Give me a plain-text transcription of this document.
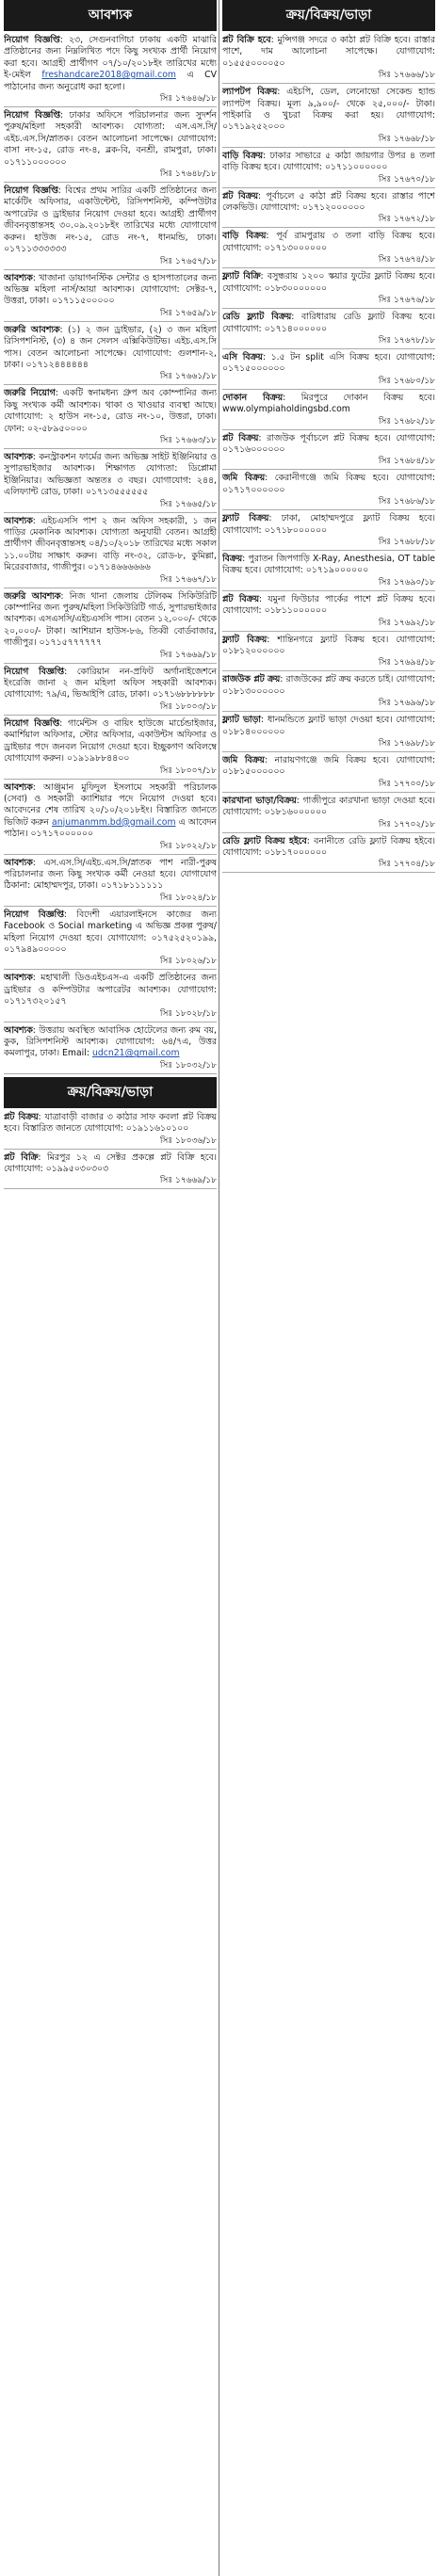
আবশ্যক
নিয়োগ বিজ্ঞপ্তি: ২৩, সেগুনবাগিচা ঢাকায় একটি মাঝারি প্রতিষ্ঠানের জন্য নিম্নলিখিত পদে কিছু সংখ্যক প্রার্থী নিয়োগ করা হবে। আগ্রহী প্রার্থীগণ ০৭/১০/২০১৮ইং তারিখের মধ্যে ই-মেইল freshandcare2018@gmail.com এ CV পাঠানোর জন্য অনুরোধ করা হলো।
সিঃ ১৭৬৪৬/১৮
নিয়োগ বিজ্ঞপ্তি: ঢাকার অফিসে পরিচালনার জন্য সুদর্শন পুরুষ/মহিলা সহকারী আবশ্যক। যোগ্যতা: এস.এস.সি/এইচ.এস.সি/স্নাতক। বেতন আলোচনা সাপেক্ষে। যোগাযোগ: বাসা নং-১৫, রোড নং-৪, ব্লক-বি, বনশ্রী, রামপুরা, ঢাকা। ০১৭১১০০০০০০
সিঃ ১৭৬৪৮/১৮
নিয়োগ বিজ্ঞপ্তি: বিশ্বের প্রথম সারির একটি প্রতিষ্ঠানের জন্য মার্কেটিং অফিসার, একাউন্টেন্ট, রিসিপশনিস্ট, কম্পিউটার অপারেটর ও ড্রাইভার নিয়োগ দেওয়া হবে। আগ্রহী প্রার্থীগণ জীবনবৃত্তান্তসহ ৩০.০৯.২০১৮ইং তারিখের মধ্যে যোগাযোগ করুন। হাউজ নং-১৫, রোড নং-৭, ধানমন্ডি, ঢাকা। ০১৭১১৩৩৩৩৩৩
সিঃ ১৭৬৫৭/১৮
আবশ্যক: খাজানা ডায়াগনস্টিক সেন্টার ও হাসপাতালের জন্য অভিজ্ঞ মহিলা নার্স/আয়া আবশ্যক। যোগাযোগ: সেক্টর-৭, উত্তরা, ঢাকা। ০১৭১১৫০০০০০
সিঃ ১৭৬৫৯/১৮
জরুরি আবশ্যক: (১) ২ জন ড্রাইভার, (২) ৩ জন মহিলা রিসিপশনিস্ট, (৩) ৪ জন সেলস এক্সিকিউটিভ। এইচ.এস.সি পাস। বেতন আলোচনা সাপেক্ষে। যোগাযোগ: গুলশান-২, ঢাকা। ০১৭১২৪৪৪৪৪৪
সিঃ ১৭৬৬১/১৮
জরুরি নিয়োগ: একটি স্বনামধন্য গ্রুপ অব কোম্পানির জন্য কিছু সংখ্যক কর্মী আবশ্যক। থাকা ও খাওয়ার ব্যবস্থা আছে। যোগাযোগ: ২ হাউস নং-১৫, রোড নং-১০, উত্তরা, ঢাকা। ফোন: ০২-৫৮৯৫০০০০
সিঃ ১৭৬৬৩/১৮
আবশ্যক: কনস্ট্রাকশন ফার্মের জন্য অভিজ্ঞ সাইট ইঞ্জিনিয়ার ও সুপারভাইজার আবশ্যক। শিক্ষাগত যোগ্যতা: ডিপ্লোমা ইঞ্জিনিয়ার। অভিজ্ঞতা অন্ততঃ ৩ বছর। যোগাযোগ: ২৪৪, এলিফ্যান্ট রোড, ঢাকা। ০১৭১৩৫৫৫৫৫৫
সিঃ ১৭৬৬৫/১৮
আবশ্যক: এইচএসসি পাশ ২ জন অফিস সহকারী, ১ জন গাড়ির মেকানিক আবশ্যক। যোগ্যতা অনুযায়ী বেতন। আগ্রহী প্রার্থীগণ জীবনবৃত্তান্তসহ ০৪/১০/২০১৮ তারিখের মধ্যে সকাল ১১.০০টায় সাক্ষাৎ করুন। বাড়ি নং-৩২, রোড-৮, কুমিল্লা, মিরেরবাজার, গাজীপুর। ০১৭১৪৬৬৬৬৬৬
সিঃ ১৭৬৬৭/১৮
জরুরি আবশ্যক: নিজ থানা জেলায় টেলিকম সিকিউরিটি কোম্পানির জন্য পুরুষ/মহিলা সিকিউরিটি গার্ড, সুপারভাইজার আবশ্যক। এসএসসি/এইচএসসি পাস। বেতন ১২,০০০/- থেকে ২০,০০০/- টাকা। আশিয়ান হাউস-৮৬, তিব্বী বোর্ডবাজার, গাজীপুর। ০১৭১৫৭৭৭৭৭৭
সিঃ ১৭৬৬৯/১৮
নিয়োগ বিজ্ঞপ্তি: কোরিয়ান নন-প্রফিট অর্গানাইজেশনে ইংরেজি জানা ২ জন মহিলা অফিস সহকারী আবশ্যক। যোগাযোগ: ৭৯/এ, ভিআইপি রোড, ঢাকা। ০১৭১৬৮৮৮৮৮৮
সিঃ ১৮০০৩/১৮
নিয়োগ বিজ্ঞপ্তি: গার্মেন্টস ও বায়িং হাউজে মার্চেন্ডাইজার, কমার্শিয়াল অফিসার, স্টোর অফিসার, একাউন্টস অফিসার ও ড্রাইভার পদে জনবল নিয়োগ দেওয়া হবে। ইচ্ছুকগণ অবিলম্বে যোগাযোগ করুন। ০১৯১৯৮৮৪৪০০
সিঃ ১৮০০৭/১৮
আবশ্যক: আঞ্জুমান মুফিদুল ইসলামে সহকারী পরিচালক (সেবা) ও সহকারী ক্যাশিয়ার পদে নিয়োগ দেওয়া হবে। আবেদনের শেষ তারিখ ২০/১০/২০১৮ইং। বিস্তারিত জানতে ভিজিট করুন anjumanmm.bd@gmail.com এ আবেদন পাঠান। ০১৭১৭০০০০০০
সিঃ ১৮০২২/১৮
আবশ্যক: এস.এস.সি/এইচ.এস.সি/স্নাতক পাশ নারী-পুরুষ পরিচালনার জন্য কিছু সংখ্যক কর্মী নেওয়া হবে। যোগাযোগ ঠিকানা: মোহাম্মদপুর, ঢাকা। ০১৭১৮১১১১১১
সিঃ ১৮০২৪/১৮
নিয়োগ বিজ্ঞপ্তি: বিদেশী এয়ারলাইনসে কাজের জন্য Facebook ও Social marketing এ অভিজ্ঞ প্রকল্প পুরুষ/মহিলা নিয়োগ দেওয়া হবে। যোগাযোগ: ০১৭৫২৫২০১৯৯, ০১৭৯৪৯০০০০০
সিঃ ১৮০২৬/১৮
আবশ্যক: মহাখালী ডিওএইচএস-এ একটি প্রতিষ্ঠানের জন্য ড্রাইভার ও কম্পিউটার অপারেটর আবশ্যক। যোগাযোগ: ০১৭১৭৩২০১৫৭
সিঃ ১৮০২৮/১৮
আবশ্যক: উত্তরায় অবস্থিত আবাসিক হোটেলের জন্য রুম বয়, কুক, রিসিপশনিস্ট আবশ্যক। যোগাযোগ: ৬৪/৭এ, উত্তর কমলাপুর, ঢাকা। Email: udcn21@gmail.com
সিঃ ১৮০৩২/১৮
ক্রয়/বিক্রয়/ভাড়া
প্লট বিক্রয়: যাত্রাবাড়ী বাজার ৩ কাঠার সাফ কবলা প্লট বিক্রয় হবে। বিস্তারিত জানতে যোগাযোগ: ০১৯১১৬১০১০০
সিঃ ১৮০৩৬/১৮
প্লট বিক্রি: মিরপুর ১২ এ সেক্টর প্রকল্পে প্লট বিক্রি হবে। যোগাযোগ: ০১৯৯৫০৩০৩০৩
সিঃ ১৭৬৬৯/১৮
ক্রয়/বিক্রয়/ভাড়া
প্লট বিক্রি হবে: মুন্সিগঞ্জ সদরে ৩ কাঠা প্লট বিক্রি হবে। রাস্তার পাশে, দাম আলোচনা সাপেক্ষে। যোগাযোগ: ০১৫৫৫০০০০৫০
সিঃ ১৭৬৬৬/১৮
ল্যাপটপ বিক্রয়: এইচপি, ডেল, লেনোভো সেকেন্ড হ্যান্ড ল্যাপটপ বিক্রয়। মূল্য ৯,৯০০/- থেকে ২৫,০০০/- টাকা। পাইকারি ও খুচরা বিক্রয় করা হয়। যোগাযোগ: ০১৭১৯২৫২০০০
সিঃ ১৭৬৬৮/১৮
বাড়ি বিক্রয়: ঢাকার সাভারে ৫ কাঠা জায়গার উপর ৪ তলা বাড়ি বিক্রয় হবে। যোগাযোগ: ০১৭১১০০০০০০
সিঃ ১৭৬৭০/১৮
প্লট বিক্রয়: পূর্বাচলে ৫ কাঠা প্লট বিক্রয় হবে। রাস্তার পাশে লেকভিউ। যোগাযোগ: ০১৭১২০০০০০০
সিঃ ১৭৬৭২/১৮
বাড়ি বিক্রয়: পূর্ব রামপুরায় ৩ তলা বাড়ি বিক্রয় হবে। যোগাযোগ: ০১৭১৩০০০০০০
সিঃ ১৭৬৭৪/১৮
ফ্ল্যাট বিক্রি: বসুন্ধরায় ১২০০ স্কয়ার ফুটের ফ্ল্যাট বিক্রয় হবে। যোগাযোগ: ০১৮৩০০০০০০০
সিঃ ১৭৬৭৬/১৮
রেডি ফ্ল্যাট বিক্রয়: বারিধারায় রেডি ফ্ল্যাট বিক্রয় হবে। যোগাযোগ: ০১৭১৪০০০০০০
সিঃ ১৭৬৭৮/১৮
এসি বিক্রয়: ১.৫ টন split এসি বিক্রয় হবে। যোগাযোগ: ০১৭১৫০০০০০০
সিঃ ১৭৬৮০/১৮
দোকান বিক্রয়: মিরপুরে দোকান বিক্রয় হবে। www.olympiaholdingsbd.com
সিঃ ১৭৬৮২/১৮
প্লট বিক্রয়: রাজউক পূর্বাচলে প্লট বিক্রয় হবে। যোগাযোগ: ০১৭১৬০০০০০০
সিঃ ১৭৬৮৪/১৮
জমি বিক্রয়: কেরানীগঞ্জে জমি বিক্রয় হবে। যোগাযোগ: ০১৭১৭০০০০০০
সিঃ ১৭৬৮৬/১৮
ফ্ল্যাট বিক্রয়: ঢাকা, মোহাম্মদপুরে ফ্ল্যাট বিক্রয় হবে। যোগাযোগ: ০১৭১৮০০০০০০
সিঃ ১৭৬৮৮/১৮
বিক্রয়: পুরাতন জিপগাড়ি X-Ray, Anesthesia, OT table বিক্রয় হবে। যোগাযোগ: ০১৭১৯০০০০০০
সিঃ ১৭৬৯০/১৮
প্লট বিক্রয়: যমুনা ফিউচার পার্কের পাশে প্লট বিক্রয় হবে। যোগাযোগ: ০১৮১১০০০০০০
সিঃ ১৭৬৯২/১৮
ফ্ল্যাট বিক্রয়: শান্তিনগরে ফ্ল্যাট বিক্রয় হবে। যোগাযোগ: ০১৮১২০০০০০০
সিঃ ১৭৬৯৪/১৮
রাজউক প্লট ক্রয়: রাজউকের প্লট ক্রয় করতে চাই। যোগাযোগ: ০১৮১৩০০০০০০
সিঃ ১৭৬৯৬/১৮
ফ্ল্যাট ভাড়া: ধানমন্ডিতে ফ্ল্যাট ভাড়া দেওয়া হবে। যোগাযোগ: ০১৮১৪০০০০০০
সিঃ ১৭৬৯৮/১৮
জমি বিক্রয়: নারায়ণগঞ্জে জমি বিক্রয় হবে। যোগাযোগ: ০১৮১৫০০০০০০
সিঃ ১৭৭০০/১৮
কারখানা ভাড়া/বিক্রয়: গাজীপুরে কারখানা ভাড়া দেওয়া হবে। যোগাযোগ: ০১৮১৬০০০০০০
সিঃ ১৭৭০২/১৮
রেডি ফ্ল্যাট বিক্রয় হইবে: বনানীতে রেডি ফ্ল্যাট বিক্রয় হইবে। যোগাযোগ: ০১৮১৭০০০০০০
সিঃ ১৭৭০৪/১৮
